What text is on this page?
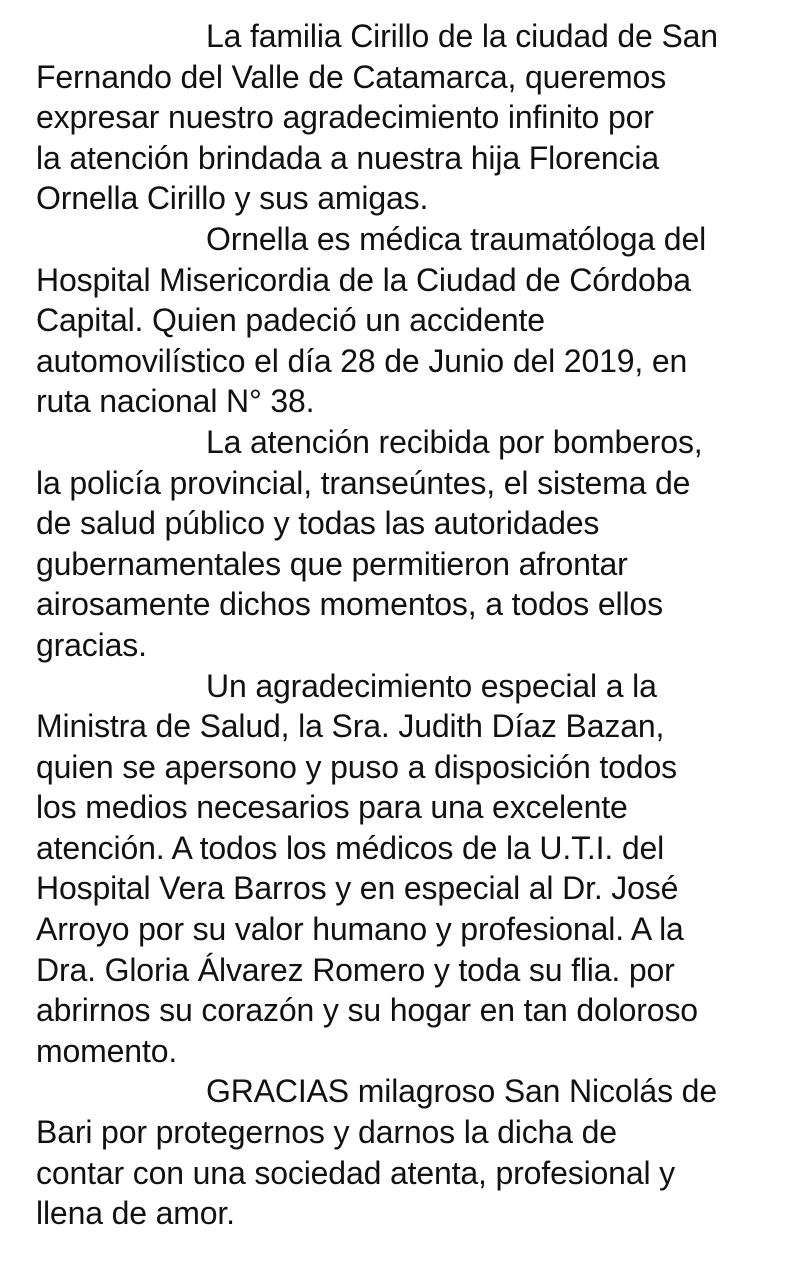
La familia Cirillo de la ciudad de San
Fernando del Valle de Catamarca, queremos
expresar nuestro agradecimiento infinito por
la atención brindada a nuestra hija Florencia
Ornella Cirillo y sus amigas.

Ornella es médica traumatóloga del
Hospital Misericordia de la Ciudad de Córdoba
Capital. Quien padeció un accidente
automovilístico el día 28 de Junio del 2019, en
ruta nacional N° 38.

La atención recibida por bomberos,
la policía provincial, transeúntes, el sistema de
de salud público y todas las autoridades
gubernamentales que permitieron afrontar
airosamente dichos momentos, a todos ellos
gracias.

Un agradecimiento especial a la
Ministra de Salud, la Sra. Judith Díaz Bazan,
quien se apersono y puso a disposición todos
los medios necesarios para una excelente
atención. A todos los médicos de la U.T.I. del
Hospital Vera Barros y en especial al Dr. José
Arroyo por su valor humano y profesional. A la
Dra. Gloria Álvarez Romero y toda su flia. por
abrirnos su corazón y su hogar en tan doloroso
momento.

GRACIAS milagroso San Nicolás de
Bari por protegernos y darnos la dicha de
contar con una sociedad atenta, profesional y
llena de amor.
